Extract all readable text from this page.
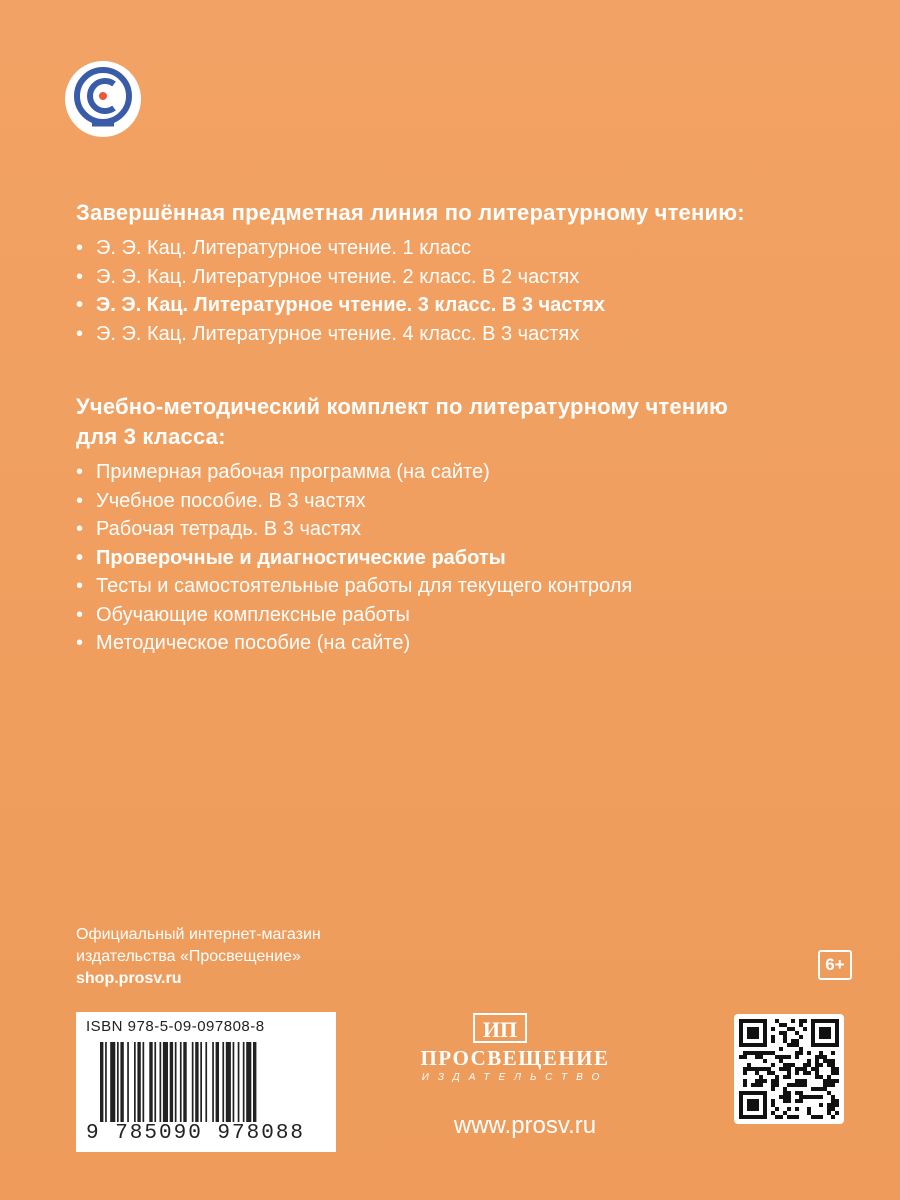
Завершённая предметная линия по литературному чтению:

• Э. Э. Кац. Литературное чтение. 1 класс
• Э. Э. Кац. Литературное чтение. 2 класс. В 2 частях
• Э. Э. Кац. Литературное чтение. 3 класс. В 3 частях
• Э. Э. Кац. Литературное чтение. 4 класс. В 3 частях

Учебно-методический комплект по литературному чтению
для 3 класса:

• Примерная рабочая программа (на сайте)
• Учебное пособие. В 3 частях
• Рабочая тетрадь. В 3 частях
• Проверочные и диагностические работы
• Тесты и самостоятельные работы для текущего контроля
• Обучающие комплексные работы
• Методическое пособие (на сайте)
Официальный интернет-магазин
издательства «Просвещение»
shop.prosv.ru
6+
ISBN 978-5-09-097808-8
9 785090 978088
ИП
ПРОСВЕЩЕНИЕ
ИЗДАТЕЛЬСТВО
www.prosv.ru
